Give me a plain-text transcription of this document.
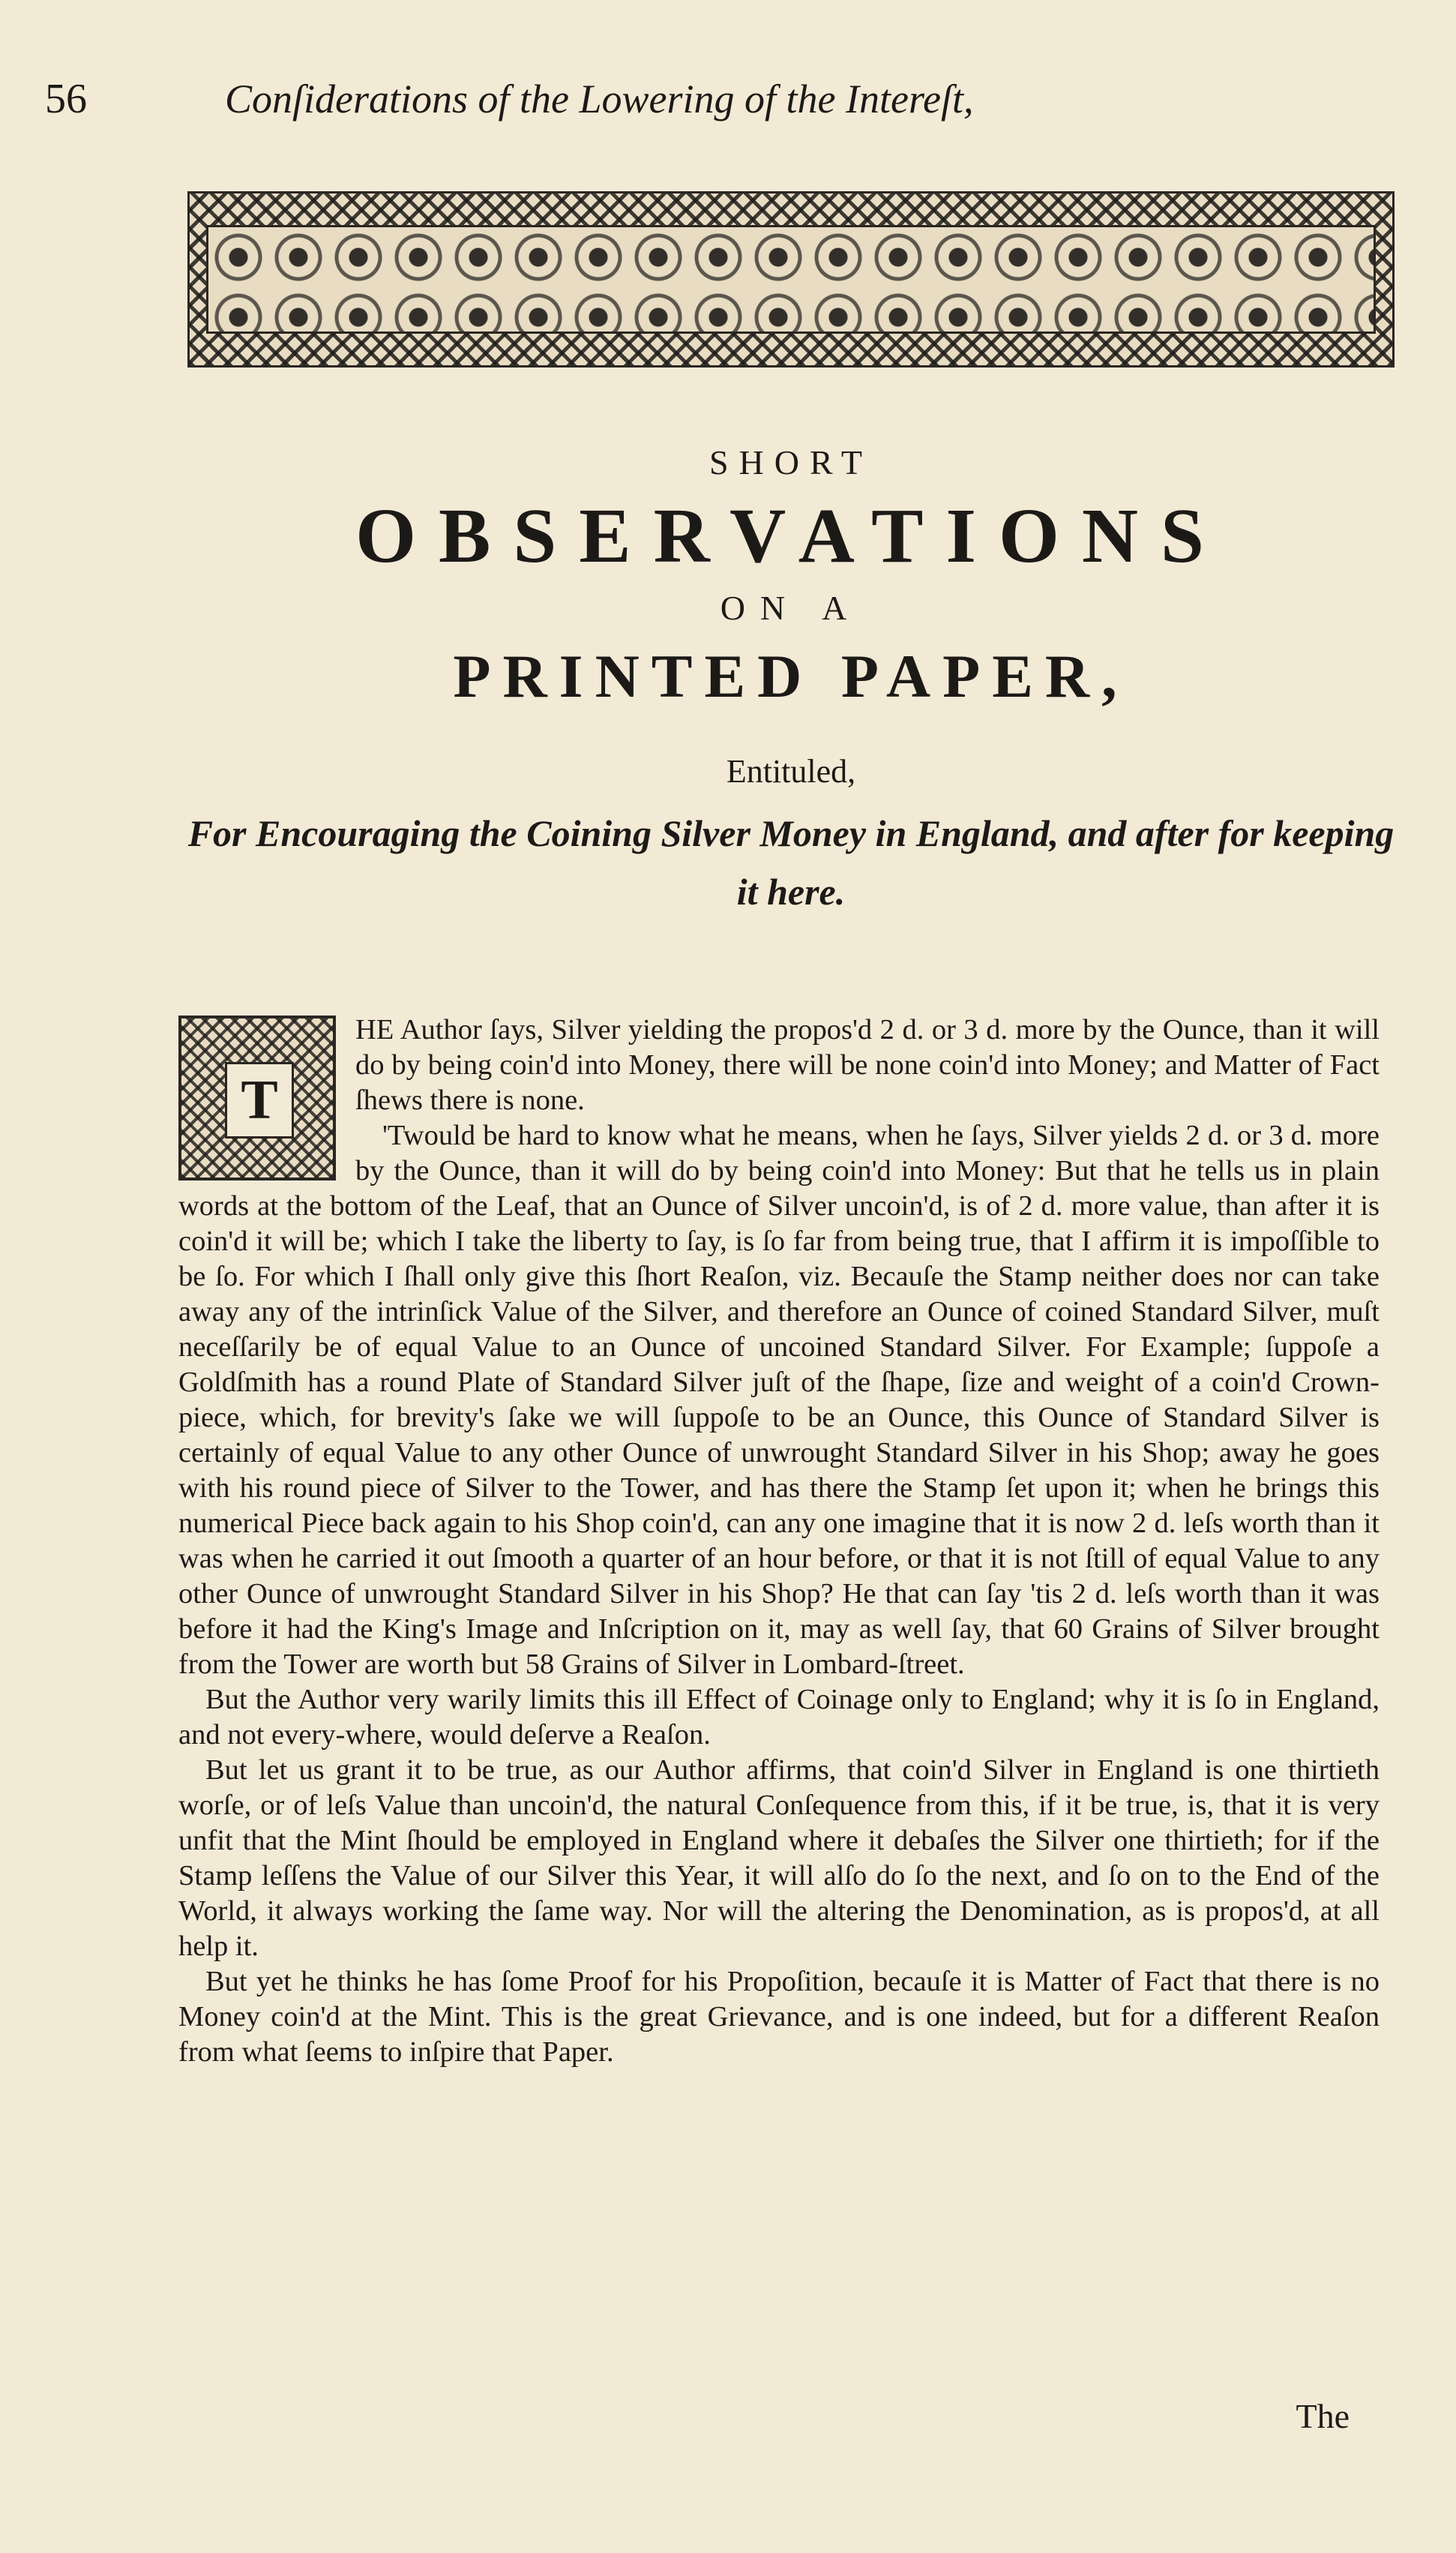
56	Conſiderations of the Lowering of the Intereſt,
SHORT
OBSERVATIONS
ON A
PRINTED PAPER,
Entituled,
For Encouraging the Coining Silver Money in England, and after for keeping it here.
T

HE Author ſays, Silver yielding the propos'd 2 d. or 3 d. more by the Ounce, than it will do by being coin'd into Money, there will be none coin'd into Money; and Matter of Fact ſhews there is none.

'Twould be hard to know what he means, when he ſays, Silver yields 2 d. or 3 d. more by the Ounce, than it will do by being coin'd into Money: But that he tells us in plain words at the bottom of the Leaf, that an Ounce of Silver uncoin'd, is of 2 d. more value, than after it is coin'd it will be; which I take the liberty to ſay, is ſo far from being true, that I affirm it is impoſſible to be ſo. For which I ſhall only give this ſhort Reaſon, viz. Becauſe the Stamp neither does nor can take away any of the intrinſick Value of the Silver, and therefore an Ounce of coined Standard Silver, muſt neceſſarily be of equal Value to an Ounce of uncoined Standard Silver. For Example; ſuppoſe a Goldſmith has a round Plate of Standard Silver juſt of the ſhape, ſize and weight of a coin'd Crown-piece, which, for brevity's ſake we will ſuppoſe to be an Ounce, this Ounce of Standard Silver is certainly of equal Value to any other Ounce of unwrought Standard Silver in his Shop; away he goes with his round piece of Silver to the Tower, and has there the Stamp ſet upon it; when he brings this numerical Piece back again to his Shop coin'd, can any one imagine that it is now 2 d. leſs worth than it was when he carried it out ſmooth a quarter of an hour before, or that it is not ſtill of equal Value to any other Ounce of unwrought Standard Silver in his Shop? He that can ſay 'tis 2 d. leſs worth than it was before it had the King's Image and Inſcription on it, may as well ſay, that 60 Grains of Silver brought from the Tower are worth but 58 Grains of Silver in Lombard-ſtreet.

But the Author very warily limits this ill Effect of Coinage only to England; why it is ſo in England, and not every-where, would deſerve a Reaſon.

But let us grant it to be true, as our Author affirms, that coin'd Silver in England is one thirtieth worſe, or of leſs Value than uncoin'd, the natural Conſequence from this, if it be true, is, that it is very unfit that the Mint ſhould be employed in England where it debaſes the Silver one thirtieth; for if the Stamp leſſens the Value of our Silver this Year, it will alſo do ſo the next, and ſo on to the End of the World, it always working the ſame way. Nor will the altering the Denomination, as is propos'd, at all help it.

But yet he thinks he has ſome Proof for his Propoſition, becauſe it is Matter of Fact that there is no Money coin'd at the Mint. This is the great Grievance, and is one indeed, but for a different Reaſon from what ſeems to inſpire that Paper.

The
